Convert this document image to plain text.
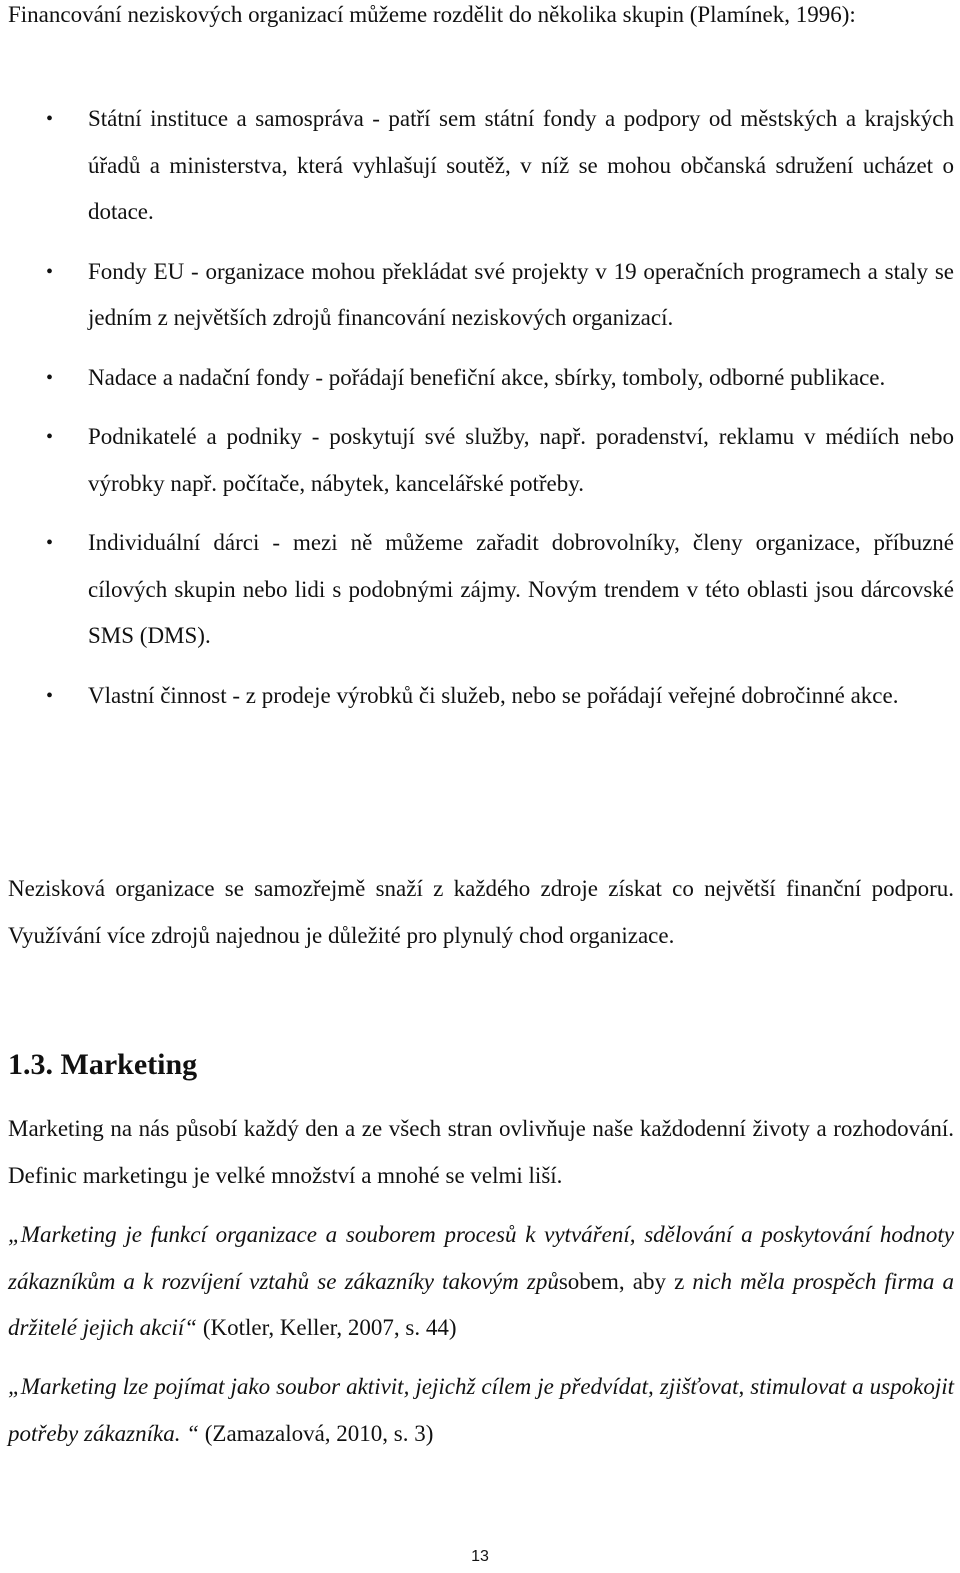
Financování neziskových organizací můžeme rozdělit do několika skupin (Plamínek, 1996):

• Státní instituce a samospráva - patří sem státní fondy a podpory od městských a krajských úřadů a ministerstva, která vyhlašují soutěž, v níž se mohou občanská sdružení ucházet o dotace.
• Fondy EU - organizace mohou překládat své projekty v 19 operačních programech a staly se jedním z největších zdrojů financování neziskových organizací.
• Nadace a nadační fondy - pořádají benefiční akce, sbírky, tomboly, odborné publikace.
• Podnikatelé a podniky - poskytují své služby, např. poradenství, reklamu v médiích nebo výrobky např. počítače, nábytek, kancelářské potřeby.
• Individuální dárci - mezi ně můžeme zařadit dobrovolníky, členy organizace, příbuzné cílových skupin nebo lidi s podobnými zájmy. Novým trendem v této oblasti jsou dárcovské SMS (DMS).
• Vlastní činnost - z prodeje výrobků či služeb, nebo se pořádají veřejné dobročinné akce.

Nezisková organizace se samozřejmě snaží z každého zdroje získat co největší finanční podporu. Využívání více zdrojů najednou je důležité pro plynulý chod organizace.

1.3. Marketing

Marketing na nás působí každý den a ze všech stran ovlivňuje naše každodenní životy a rozhodování. Definic marketingu je velké množství a mnohé se velmi liší.

„Marketing je funkcí organizace a souborem procesů k vytváření, sdělování a poskytování hodnoty zákazníkům a k rozvíjení vztahů se zákazníky takovým způsobem, aby z nich měla prospěch firma a držitelé jejich akcií“ (Kotler, Keller, 2007, s. 44)

„Marketing lze pojímat jako soubor aktivit, jejichž cílem je předvídat, zjišťovat, stimulovat a uspokojit potřeby zákazníka. “ (Zamazalová, 2010, s. 3)

13
